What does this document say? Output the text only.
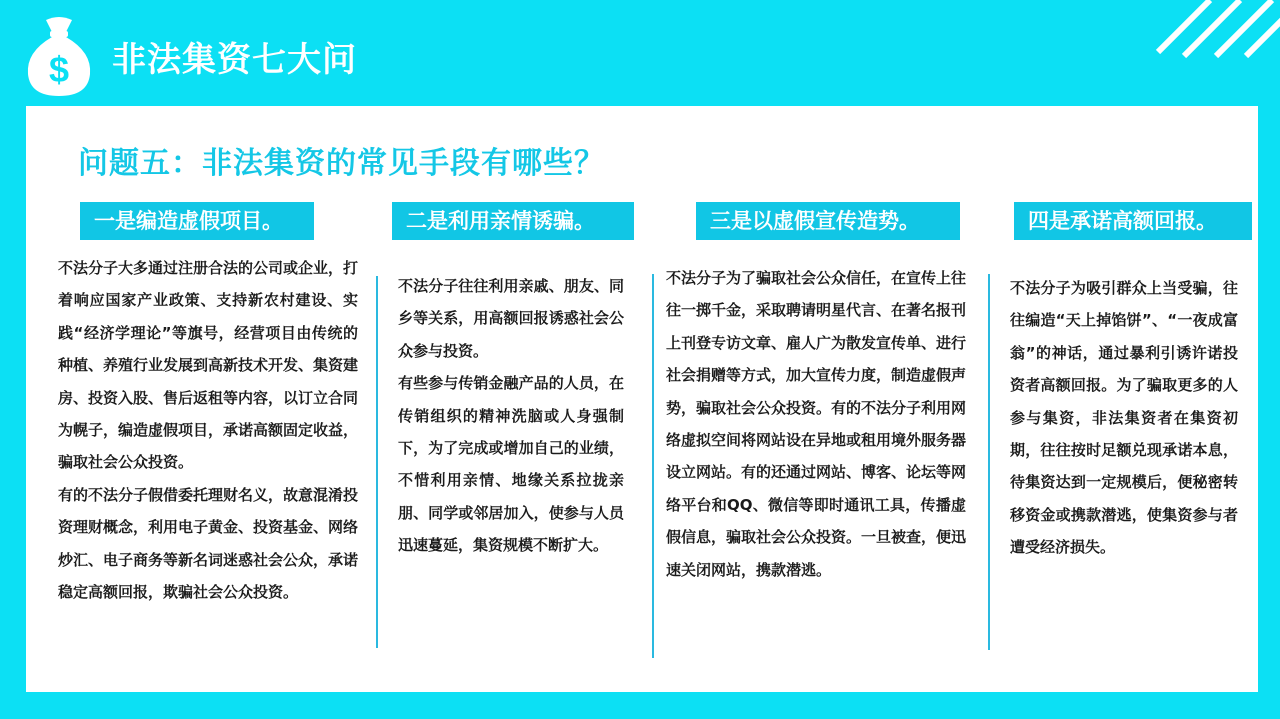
$ 非法集资七大问
问题五：非法集资的常见手段有哪些？
一是编造虚假项目。

不法分子大多通过注册合法的公司或企业，打着响应国家产业政策、支持新农村建设、实践“经济学理论”等旗号，经营项目由传统的种植、养殖行业发展到高新技术开发、集资建房、投资入股、售后返租等内容，以订立合同为幌子，编造虚假项目，承诺高额固定收益，骗取社会公众投资。

有的不法分子假借委托理财名义，故意混淆投资理财概念，利用电子黄金、投资基金、网络炒汇、电子商务等新名词迷惑社会公众，承诺稳定高额回报，欺骗社会公众投资。

二是利用亲情诱骗。

不法分子往往利用亲戚、朋友、同乡等关系，用高额回报诱惑社会公众参与投资。

有些参与传销金融产品的人员，在传销组织的精神洗脑或人身强制下，为了完成或增加自己的业绩，不惜利用亲情、地缘关系拉拢亲朋、同学或邻居加入，使参与人员迅速蔓延，集资规模不断扩大。

三是以虚假宣传造势。

不法分子为了骗取社会公众信任，在宣传上往往一掷千金，采取聘请明星代言、在著名报刊上刊登专访文章、雇人广为散发宣传单、进行社会捐赠等方式，加大宣传力度，制造虚假声势，骗取社会公众投资。有的不法分子利用网络虚拟空间将网站设在异地或租用境外服务器设立网站。有的还通过网站、博客、论坛等网络平台和QQ、微信等即时通讯工具，传播虚假信息，骗取社会公众投资。一旦被查，便迅速关闭网站，携款潜逃。

四是承诺高额回报。

不法分子为吸引群众上当受骗，往往编造“天上掉馅饼”、“一夜成富翁”的神话，通过暴利引诱许诺投资者高额回报。为了骗取更多的人参与集资，非法集资者在集资初期，往往按时足额兑现承诺本息，待集资达到一定规模后，便秘密转移资金或携款潜逃，使集资参与者遭受经济损失。
